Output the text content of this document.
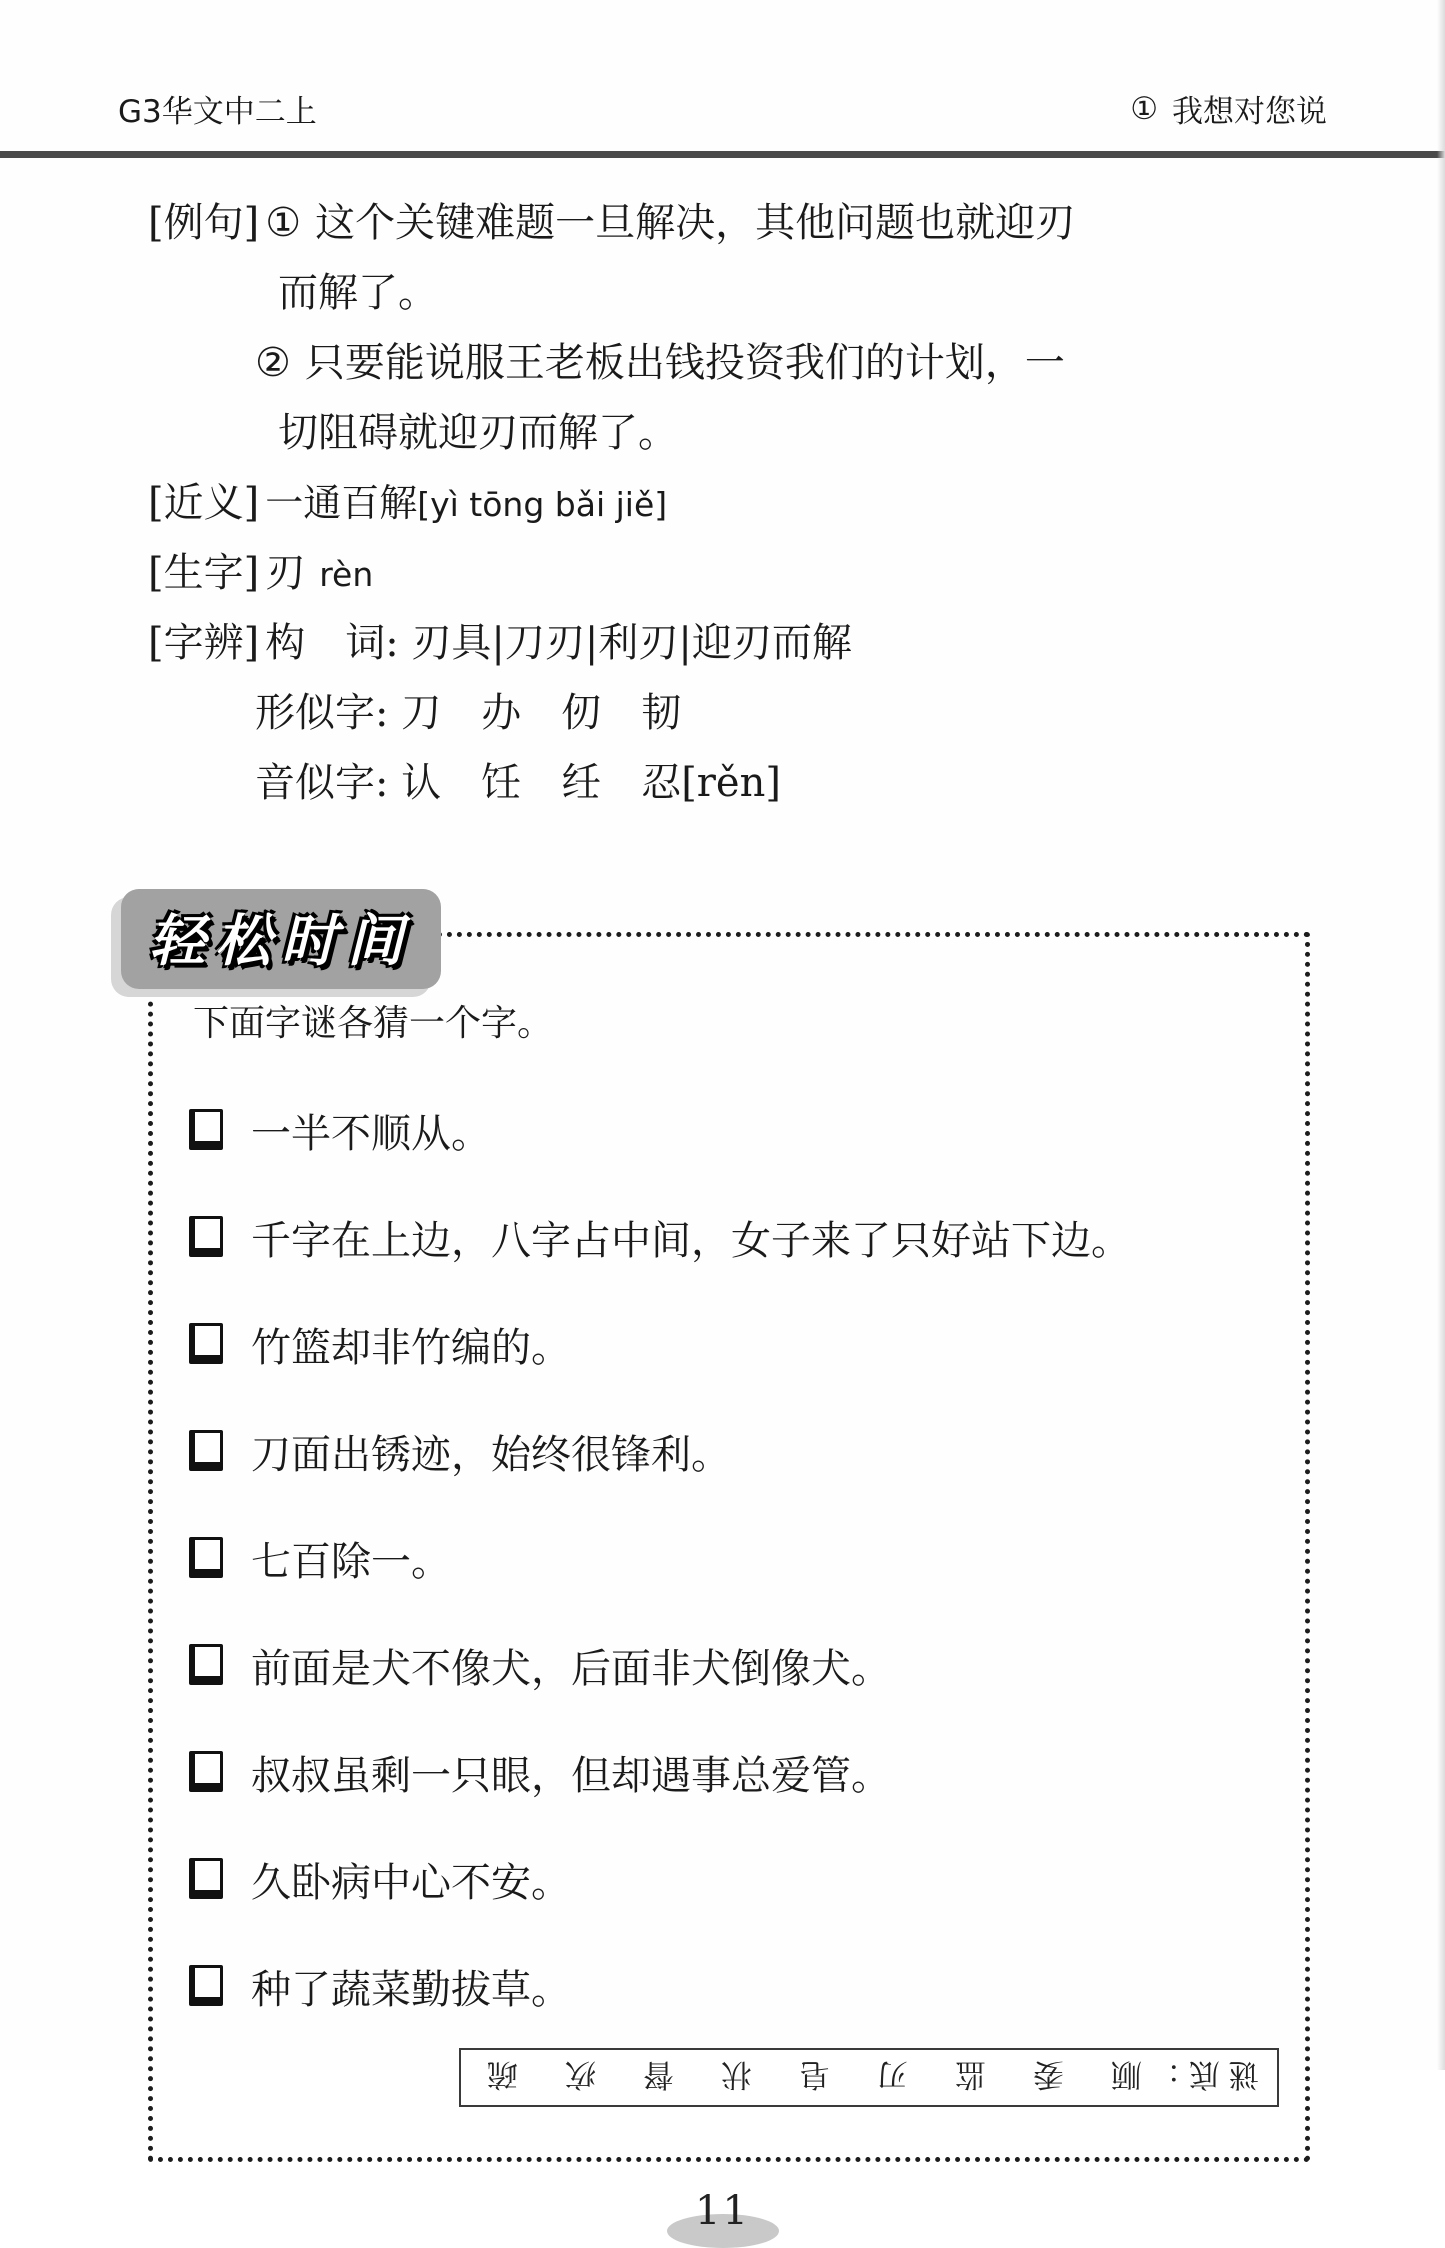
G3华文中二上	① 我想对您说
[例句] ① 这个关键难题一旦解决，其他问题也就迎刃
而解了。
② 只要能说服王老板出钱投资我们的计划，一
切阻碍就迎刃而解了。
[近义] 一通百解[yì tōng bǎi jiě]
[生字] 刃 rèn
[字辨] 构　词: 刃具|刀刃|利刃|迎刃而解
形似字: 刀　办　仞　韧
音似字: 认　饪　纴　忍[rěn]
轻松时间

下面字谜各猜一个字。

一半不顺从。
千字在上边，八字占中间，女子来了只好站下边。
竹篮却非竹编的。
刀面出锈迹，始终很锋利。
七百除一。
前面是犬不像犬，后面非犬倒像犬。
叔叔虽剩一只眼，但却遇事总爱管。
久卧病中心不安。
种了蔬菜勤拔草。
谜底：顺　委　监　刃　皂　状　督　疚　疏
11
